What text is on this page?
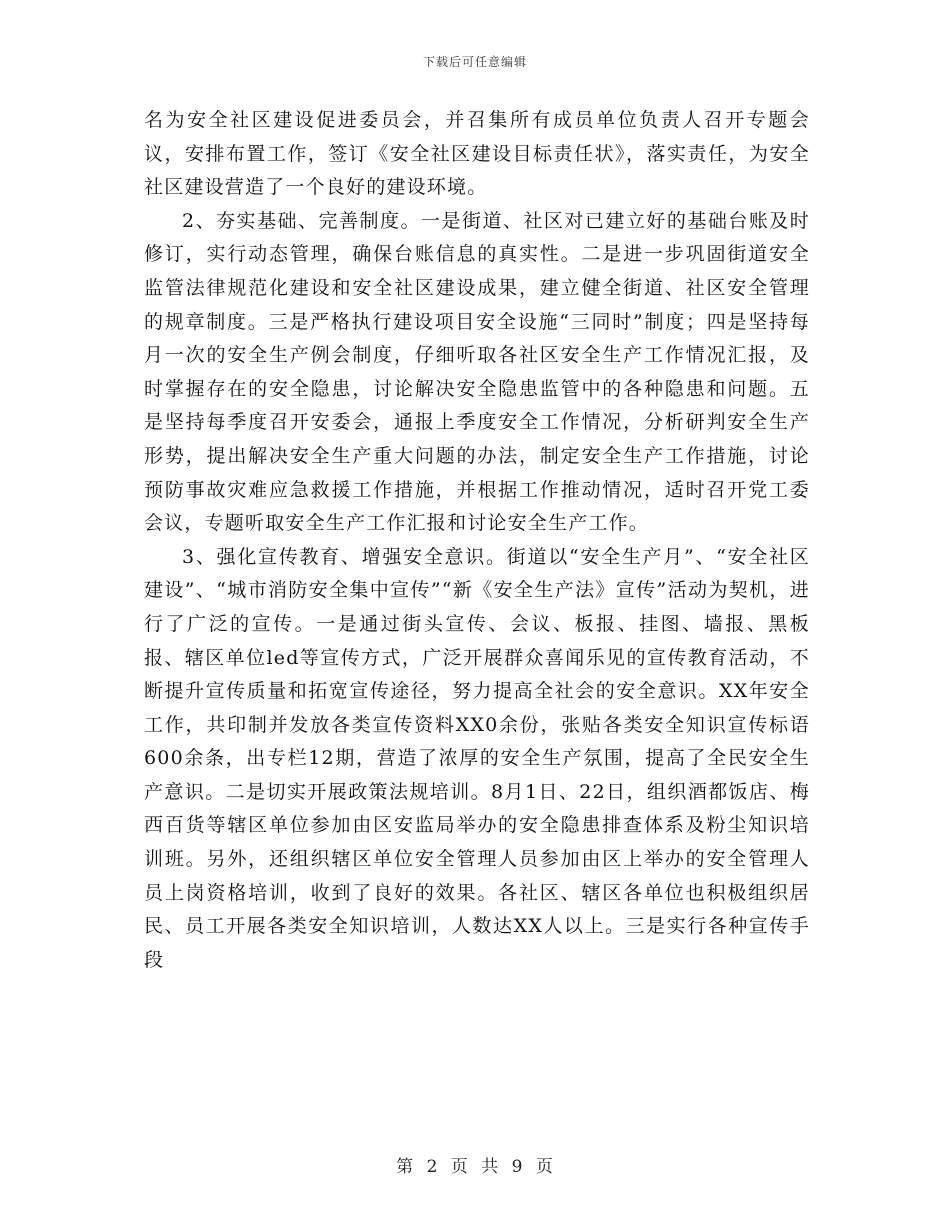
下载后可任意编辑

名为安全社区建设促进委员会，并召集所有成员单位负责人召开专题会议，安排布置工作，签订《安全社区建设目标责任状》，落实责任，为安全社区建设营造了一个良好的建设环境。

2、夯实基础、完善制度。一是街道、社区对已建立好的基础台账及时修订，实行动态管理，确保台账信息的真实性。二是进一步巩固街道安全监管法律规范化建设和安全社区建设成果，建立健全街道、社区安全管理的规章制度。三是严格执行建设项目安全设施“三同时”制度；四是坚持每月一次的安全生产例会制度，仔细听取各社区安全生产工作情况汇报，及时掌握存在的安全隐患，讨论解决安全隐患监管中的各种隐患和问题。五是坚持每季度召开安委会，通报上季度安全工作情况，分析研判安全生产形势，提出解决安全生产重大问题的办法，制定安全生产工作措施，讨论预防事故灾难应急救援工作措施，并根据工作推动情况，适时召开党工委会议，专题听取安全生产工作汇报和讨论安全生产工作。

3、强化宣传教育、增强安全意识。街道以“安全生产月”、“安全社区建设”、“城市消防安全集中宣传”“新《安全生产法》宣传”活动为契机，进行了广泛的宣传。一是通过街头宣传、会议、板报、挂图、墙报、黑板报、辖区单位led等宣传方式，广泛开展群众喜闻乐见的宣传教育活动，不断提升宣传质量和拓宽宣传途径，努力提高全社会的安全意识。XX年安全工作，共印制并发放各类宣传资料XX0余份，张贴各类安全知识宣传标语600余条，出专栏12期，营造了浓厚的安全生产氛围，提高了全民安全生产意识。二是切实开展政策法规培训。8月1日、22日，组织酒都饭店、梅西百货等辖区单位参加由区安监局举办的安全隐患排查体系及粉尘知识培训班。另外，还组织辖区单位安全管理人员参加由区上举办的安全管理人员上岗资格培训，收到了良好的效果。各社区、辖区各单位也积极组织居民、员工开展各类安全知识培训，人数达XX人以上。三是实行各种宣传手段

第 2 页 共 9 页
